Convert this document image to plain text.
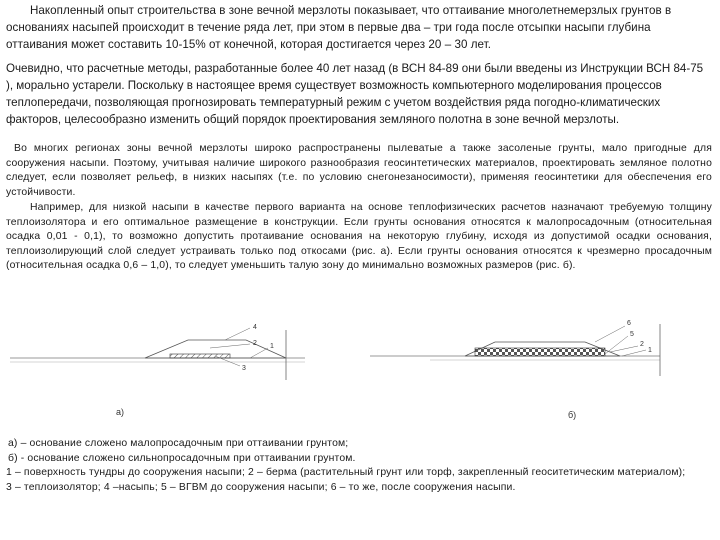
Накопленный опыт строительства в зоне вечной мерзлоты показывает, что оттаивание многолетнемерзлых грунтов в основаниях насыпей происходит в течение ряда лет, при этом в первые два – три года после отсыпки насыпи глубина оттаивания может составить 10-15% от конечной, которая достигается через 20 – 30 лет.

Очевидно, что расчетные методы, разработанные более 40 лет назад (в ВСН 84-89 они были введены из Инструкции ВСН 84-75 ), морально устарели. Поскольку в настоящее время существует возможность компьютерного моделирования процессов теплопередачи, позволяющая прогнозировать температурный режим с учетом воздействия ряда погодно-климатических факторов, целесообразно изменить общий порядок проектирования земляного полотна в зоне вечной мерзлоты.

Во многих регионах зоны вечной мерзлоты широко распространены пылеватые а также засоленые грунты, мало пригодные для сооружения насыпи. Поэтому, учитывая наличие широкого разнообразия геосинтетических материалов, проектировать земляное полотно следует, если позволяет рельеф, в низких насыпях (т.е. по условию снегонезаносимости), применяя геосинтетики для обеспечения его устойчивости.

Например, для низкой насыпи в качестве первого варианта на основе теплофизических расчетов назначают требуемую толщину теплоизолятора и его оптимальное размещение в конструкции. Если грунты основания относятся к малопросадочным (относительная осадка 0,01 - 0,1), то возможно допустить протаивание основания на некоторую глубину, исходя из допустимой осадки основания, теплоизолирующий слой следует устраивать только под откосами (рис. а). Если грунты основания относятся к чрезмерно просадочным (относительная осадка 0,6 – 1,0), то следует уменьшить талую зону до минимально возможных размеров (рис. б).

4
2 1
3
а)
6
5
2
1
б)
а) – основание сложено малопросадочным при оттаивании грунтом;
б) - основание сложено сильнопросадочным при оттаивании грунтом.
1 – поверхность тундры до сооружения насыпи; 2 – берма (растительный грунт или торф, закрепленный геоситетическим материалом);
3 – теплоизолятор; 4 –насыпь; 5 – ВГВМ до сооружения насыпи; 6 – то же, после сооружения насыпи.
